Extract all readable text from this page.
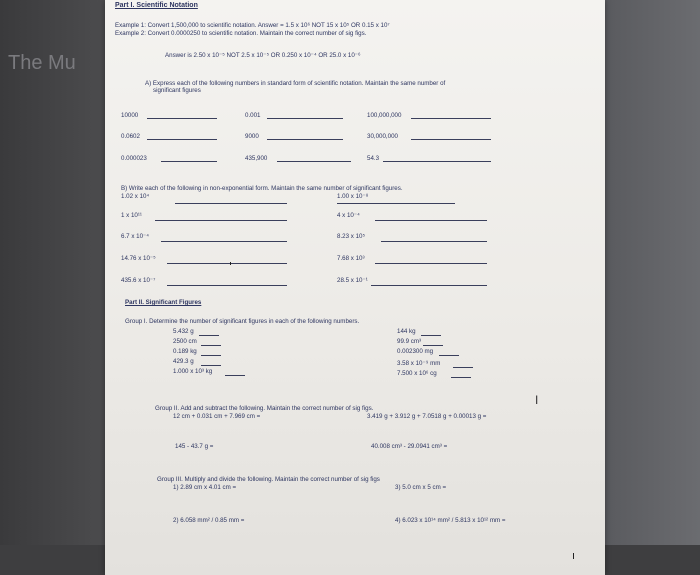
The Mu
Part I. Scientific Notation
Example 1: Convert 1,500,000 to scientific notation. Answer = 1.5 x 10⁶ NOT 15 x 10⁵ OR 0.15 x 10⁷
Example 2: Convert 0.0000250 to scientific notation. Maintain the correct number of sig figs.
Answer is 2.50 x 10⁻⁵ NOT 2.5 x 10⁻⁵ OR 0.250 x 10⁻⁴ OR 25.0 x 10⁻⁶
A) Express each of the following numbers in standard form of scientific notation. Maintain the same number of
significant figures
10000	0.001	100,000,000
0.0602	9000	30,000,000
0.000023	435,900	54.3
B) Write each of the following in non-exponential form. Maintain the same number of significant figures.
1.02 x 10⁴	1.00 x 10⁻⁸
1 x 10¹¹	4 x 10⁻⁴
6.7 x 10⁻⁴	8.23 x 10⁵
14.76 x 10⁻⁵	7.68 x 10³
435.6 x 10⁻⁷	28.5 x 10⁻¹
Part II. Significant Figures
Group I. Determine the number of significant figures in each of the following numbers.
5.432 g	144 kg
2500 cm	99.9 cm³
0.189 kg	0.002300 mg
429.3 g	3.58 x 10⁻⁹ mm
1.000 x 10³ kg	7.500 x 10⁶ cg
I
Group II. Add and subtract the following. Maintain the correct number of sig figs.
12 cm + 0.031 cm + 7.969 cm =	3.419 g + 3.912 g + 7.0518 g + 0.00013 g =
145 - 43.7 g =	40.008 cm³ - 29.0941 cm³ =
Group III. Multiply and divide the following. Maintain the correct number of sig figs
1) 2.89 cm x 4.01 cm =	3) 5.0 cm x 5 cm =
2) 6.058 mm² / 0.85 mm =	4) 6.023 x 10¹⁴ mm² / 5.813 x 10¹² mm =
